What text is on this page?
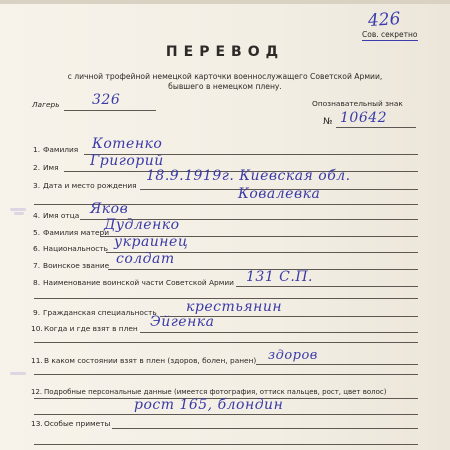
426
Сов. секретно
ПЕРЕВОД
с личной трофейной немецкой карточки военнослужащего Советской Армии,
бывшего в немецком плену.
Лагерь 326	Опознавательный знак
№ 10642
1. Фамилия Котенко
2. Имя Григорий
3. Дата и место рождения
18.9.1919г. Киевская обл.
Ковалевка
4. Имя отца Яков
5. Фамилия матери
Дудленко
6. Национальность украинец
7. Воинское звание солдат
8. Наименование воинской части Советской Армии 131 С.П.
9. Гражданская специальность крестьянин
10. Когда и где взят в плен Эйгенка
11. В каком состоянии взят в плен (здоров, болен, ранен) здоров
12. Подробные персональные данные (имеется фотография, оттиск пальцев, рост, цвет волос)
рост 165, блондин
13. Особые приметы
